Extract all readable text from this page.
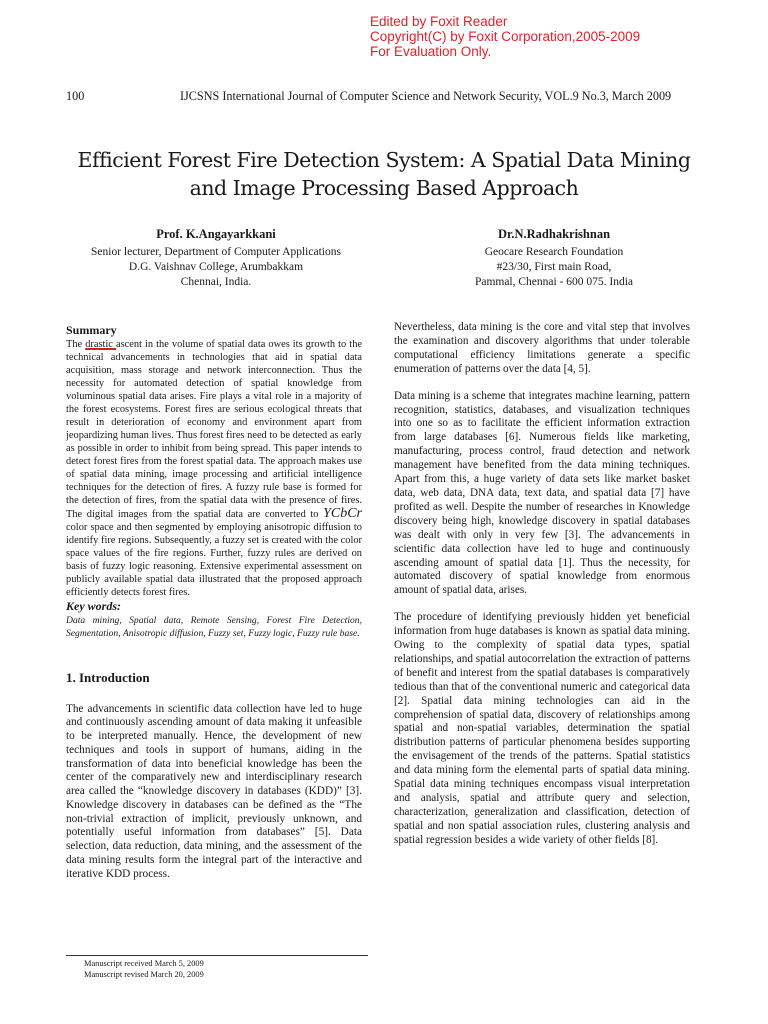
Edited by Foxit Reader
Copyright(C) by Foxit Corporation,2005-2009
For Evaluation Only.
100	IJCSNS International Journal of Computer Science and Network Security, VOL.9 No.3, March 2009
Efficient Forest Fire Detection System: A Spatial Data Mining
and Image Processing Based Approach
Prof. K.Angayarkkani
Senior lecturer, Department of Computer Applications
D.G. Vaishnav College, Arumbakkam
Chennai, India.
Dr.N.Radhakrishnan
Geocare Research Foundation
#23/30, First main Road,
Pammal, Chennai - 600 075. India
Summary

The drastic ascent in the volume of spatial data owes its growth to the technical advancements in technologies that aid in spatial data acquisition, mass storage and network interconnection. Thus the necessity for automated detection of spatial knowledge from voluminous spatial data arises. Fire plays a vital role in a majority of the forest ecosystems. Forest fires are serious ecological threats that result in deterioration of economy and environment apart from jeopardizing human lives. Thus forest fires need to be detected as early as possible in order to inhibit from being spread. This paper intends to detect forest fires from the forest spatial data. The approach makes use of spatial data mining, image processing and artificial intelligence techniques for the detection of fires. A fuzzy rule base is formed for the detection of fires, from the spatial data with the presence of fires. The digital images from the spatial data are converted to YCbCr color space and then segmented by employing anisotropic diffusion to identify fire regions. Subsequently, a fuzzy set is created with the color space values of the fire regions. Further, fuzzy rules are derived on basis of fuzzy logic reasoning. Extensive experimental assessment on publicly available spatial data illustrated that the proposed approach efficiently detects forest fires.

Key words:

Data mining, Spatial data, Remote Sensing, Forest Fire Detection, Segmentation, Anisotropic diffusion, Fuzzy set, Fuzzy logic, Fuzzy rule base.

1. Introduction

The advancements in scientific data collection have led to huge and continuously ascending amount of data making it unfeasible to be interpreted manually. Hence, the development of new techniques and tools in support of humans, aiding in the transformation of data into beneficial knowledge has been the center of the comparatively new and interdisciplinary research area called the “knowledge discovery in databases (KDD)” [3]. Knowledge discovery in databases can be defined as the “The non-trivial extraction of implicit, previously unknown, and potentially useful information from databases” [5]. Data selection, data reduction, data mining, and the assessment of the data mining results form the integral part of the interactive and iterative KDD process.

Nevertheless, data mining is the core and vital step that involves the examination and discovery algorithms that under tolerable computational efficiency limitations generate a specific enumeration of patterns over the data [4, 5].

Data mining is a scheme that integrates machine learning, pattern recognition, statistics, databases, and visualization techniques into one so as to facilitate the efficient information extraction from large databases [6]. Numerous fields like marketing, manufacturing, process control, fraud detection and network management have benefited from the data mining techniques. Apart from this, a huge variety of data sets like market basket data, web data, DNA data, text data, and spatial data [7] have profited as well. Despite the number of researches in Knowledge discovery being high, knowledge discovery in spatial databases was dealt with only in very few [3]. The advancements in scientific data collection have led to huge and continuously ascending amount of spatial data [1]. Thus the necessity, for automated discovery of spatial knowledge from enormous amount of spatial data, arises.

The procedure of identifying previously hidden yet beneficial information from huge databases is known as spatial data mining. Owing to the complexity of spatial data types, spatial relationships, and spatial autocorrelation the extraction of patterns of benefit and interest from the spatial databases is comparatively tedious than that of the conventional numeric and categorical data [2]. Spatial data mining technologies can aid in the comprehension of spatial data, discovery of relationships among spatial and non-spatial variables, determination the spatial distribution patterns of particular phenomena besides supporting the envisagement of the trends of the patterns. Spatial statistics and data mining form the elemental parts of spatial data mining. Spatial data mining techniques encompass visual interpretation and analysis, spatial and attribute query and selection, characterization, generalization and classification, detection of spatial and non spatial association rules, clustering analysis and spatial regression besides a wide variety of other fields [8].

Manuscript received March 5, 2009
Manuscript revised March 20, 2009
